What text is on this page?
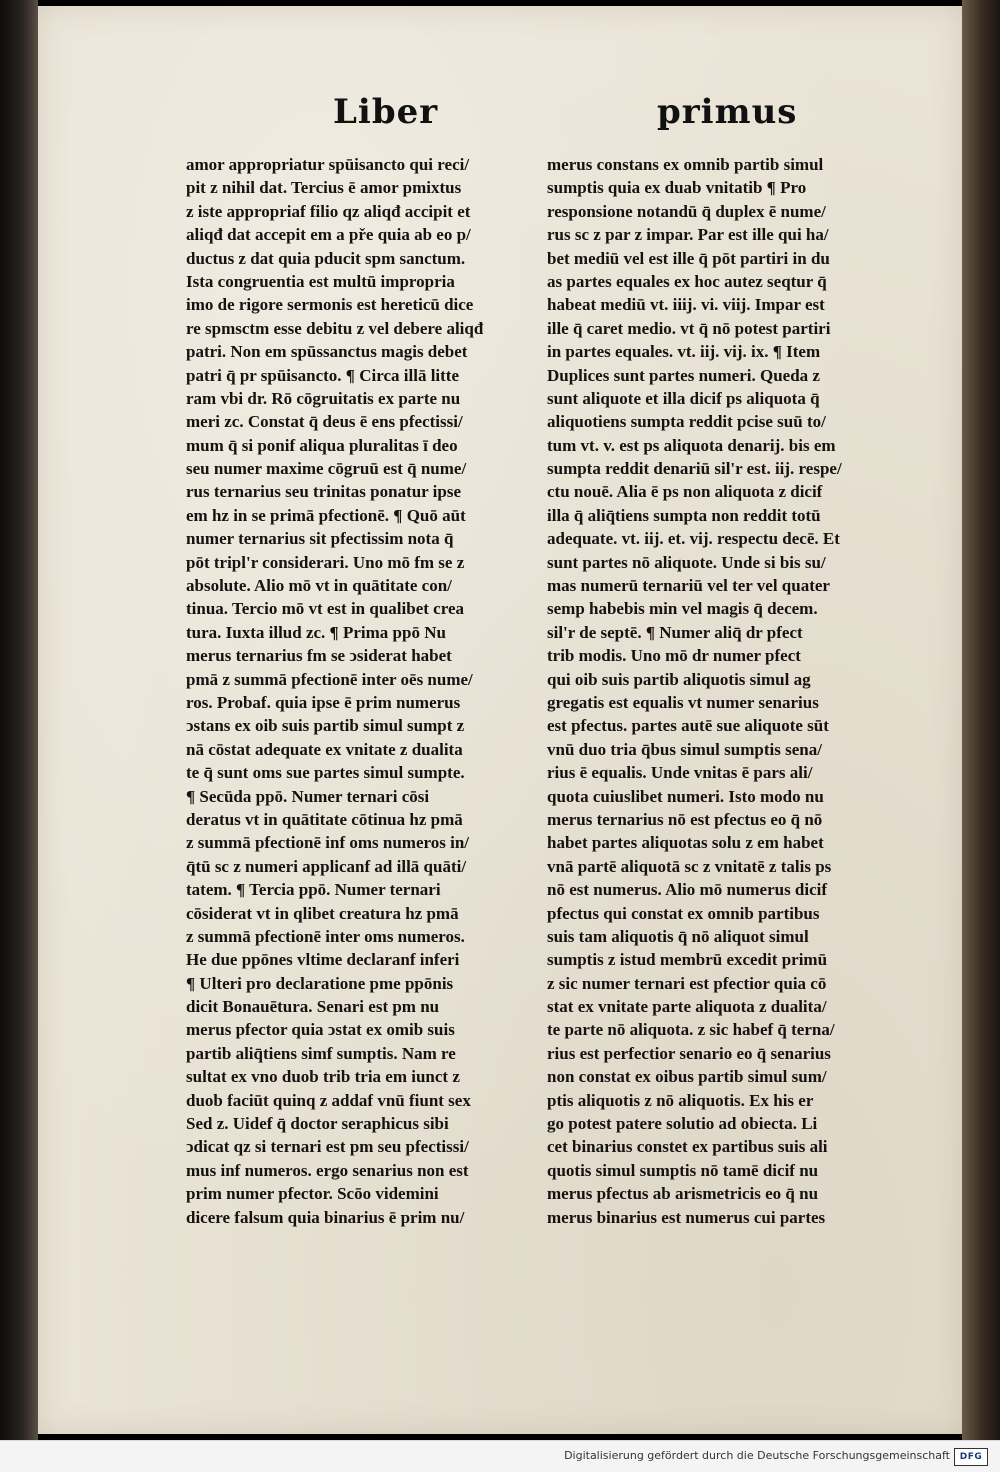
Liber	primus
amor appropriatur spūisancto qui reci/
pit z nihil dat. Tercius ē amor pmixtus
z iste appropriaf filio qz aliqđ accipit et
aliqđ dat accepit em a pře quia ab eo p/
ductus z dat quia pducit spm sanctum.
Ista congruentia est multū impropria
imo de rigore sermonis est hereticū dice
re spmsctm esse debitu z vel debere aliqđ
patri. Non em spūssanctus magis debet
patri q̄ pr spūisancto. ¶ Circa illā litte
ram vbi dr. Rō cōgruitatis ex parte nu
meri zc. Constat q̄ deus ē ens pfectissi/
mum q̄ si ponif aliqua pluralitas ī deo
seu numer maxime cōgruū est q̄ nume/
rus ternarius seu trinitas ponatur ipse
em hz in se primā pfectionē. ¶ Quō aūt
numer ternarius sit pfectissim nota q̄
pōt tripl'r considerari. Uno mō fm se z
absolute. Alio mō vt in quātitate con/
tinua. Tercio mō vt est in qualibet crea
tura. Iuxta illud zc. ¶ Prima ppō Nu
merus ternarius fm se ↄsiderat habet
pmā z summā pfectionē inter oēs nume/
ros. Probaf. quia ipse ē prim numerus
ↄstans ex oib suis partib simul sumpt z
nā cōstat adequate ex vnitate z dualita
te q̄ sunt oms sue partes simul sumpte.
¶ Secūda ppō. Numer ternari cōsi
deratus vt in quātitate cōtinua hz pmā
z summā pfectionē inf oms numeros in/
q̄tū sc z numeri applicanf ad illā quāti/
tatem. ¶ Tercia ppō. Numer ternari
cōsiderat vt in qlibet creatura hz pmā
z summā pfectionē inter oms numeros.
He due ppōnes vltime declaranf inferi
¶ Ulteri pro declaratione pme ppōnis
dicit Bonauētura. Senari est pm nu
merus pfector quia ↄstat ex omib suis
partib aliq̄tiens simf sumptis. Nam re
sultat ex vno duob trib tria em iunct z
duob faciūt quinq z addaf vnū fiunt sex
Sed z. Uidef q̄ doctor seraphicus sibi
ↄdicat qz si ternari est pm seu pfectissi/
mus inf numeros. ergo senarius non est
prim numer pfector. Scōo videmini
dicere falsum quia binarius ē prim nu/
merus constans ex omnib partib simul
sumptis quia ex duab vnitatib ¶ Pro
responsione notandū q̄ duplex ē nume/
rus sc z par z impar. Par est ille qui ha/
bet mediū vel est ille q̄ pōt partiri in du
as partes equales ex hoc autez seqtur q̄
habeat mediū vt. iiij. vi. viij. Impar est
ille q̄ caret medio. vt q̄ nō potest partiri
in partes equales. vt. iij. vij. ix. ¶ Item
Duplices sunt partes numeri. Queda z
sunt aliquote et illa dicif ps aliquota q̄
aliquotiens sumpta reddit pcise suū to/
tum vt. v. est ps aliquota denarij. bis em
sumpta reddit denariū sil'r est. iij. respe/
ctu nouē. Alia ē ps non aliquota z dicif
illa q̄ aliq̄tiens sumpta non reddit totū
adequate. vt. iij. et. vij. respectu decē. Et
sunt partes nō aliquote. Unde si bis su/
mas numerū ternariū vel ter vel quater
semp habebis min vel magis q̄ decem.
sil'r de septē. ¶ Numer aliq̄ dr pfect
trib modis. Uno mō dr numer pfect
qui oib suis partib aliquotis simul ag
gregatis est equalis vt numer senarius
est pfectus. partes autē sue aliquote sūt
vnū duo tria q̄bus simul sumptis sena/
rius ē equalis. Unde vnitas ē pars ali/
quota cuiuslibet numeri. Isto modo nu
merus ternarius nō est pfectus eo q̄ nō
habet partes aliquotas solu z em habet
vnā partē aliquotā sc z vnitatē z talis ps
nō est numerus. Alio mō numerus dicif
pfectus qui constat ex omnib partibus
suis tam aliquotis q̄ nō aliquot simul
sumptis z istud membrū excedit primū
z sic numer ternari est pfectior quia cō
stat ex vnitate parte aliquota z dualita/
te parte nō aliquota. z sic habef q̄ terna/
rius est perfectior senario eo q̄ senarius
non constat ex oibus partib simul sum/
ptis aliquotis z nō aliquotis. Ex his er
go potest patere solutio ad obiecta. Li
cet binarius constet ex partibus suis ali
quotis simul sumptis nō tamē dicif nu
merus pfectus ab arismetricis eo q̄ nu
merus binarius est numerus cui partes
Digitalisierung gefördert durch die Deutsche Forschungsgemeinschaft	DFG
